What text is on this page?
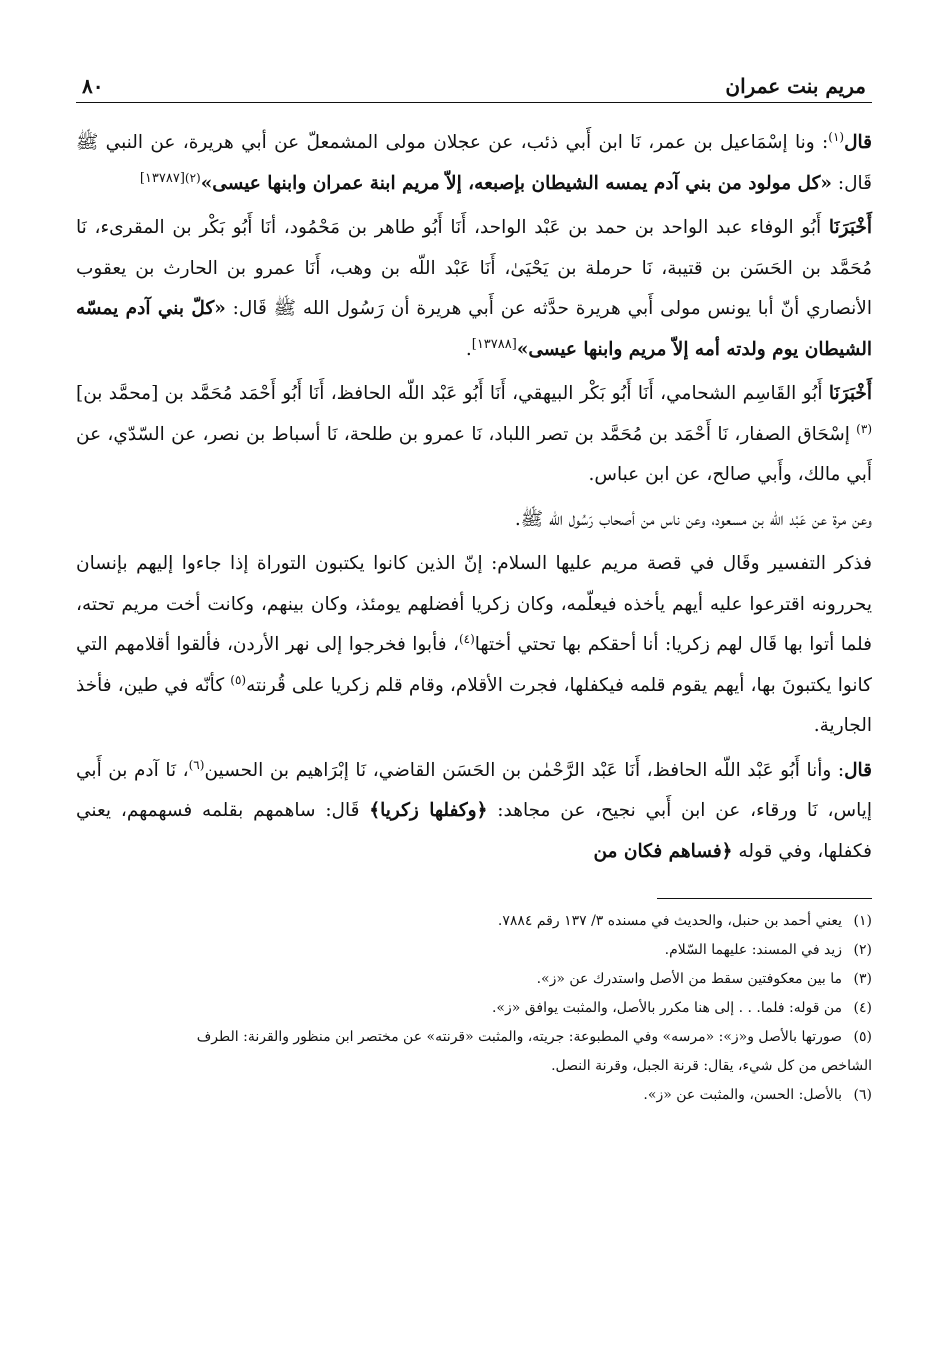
مريم بنت عمران
٨٠

قال$^{(١)}$: ونا إسْمَاعيل بن عمر، نَا ابن أَبي ذئب، عن عجلان مولى المشمعلّ عن أبي هريرة، عن النبي ﷺ قَال: «كل مولود من بني آدم يمسه الشيطان بإصبعه، إلاّ مريم ابنة عمران وابنها عيسى»$^{(٢)[١٣٧٨٧]}$

أَخْبَرَنَا أَبُو الوفاء عبد الواحد بن حمد بن عَبْد الواحد، أَنَا أَبُو طاهر بن مَحْمُود، أنَا أَبُو بَكْر بن المقرىء، نَا مُحَمَّد بن الحَسَن بن قتيبة، نَا حرملة بن يَحْيَىٰ، أَنَا عَبْد اللّه بن وهب، أَنَا عمرو بن الحارث بن يعقوب الأنصاري أنّ أبا يونس مولى أَبي هريرة حدَّثه عن أَبي هريرة أن رَسُول الله ﷺ قَال: «كلّ بني آدم يمسّه الشيطان يوم ولدته أمه إلاّ مريم وابنها عيسى»[١٣٧٨٨].

أَخْبَرَنَا أَبُو القَاسِم الشحامي، أَنَا أَبُو بَكْر البيهقي، أَنَا أَبُو عَبْد اللّه الحافظ، أَنَا أَبُو أَحْمَد مُحَمَّد بن [محمَّد بن]$^{(٣)}$ إسْحَاق الصفار، نَا أَحْمَد بن مُحَمَّد بن تصر اللباد، نَا عمرو بن طلحة، نَا أسباط بن نصر، عن السّدّي، عن أَبي مالك، وأَبي صالح، عن ابن عباس.

وعن مرة عن عَبْد اللّه بن مسعود، وعن ناس من أصحاب رَسُول الله ﷺ.

فذكر التفسير وقَال في قصة مريم عليها السلام: إنّ الذين كانوا يكتبون التوراة إذا جاءوا إليهم بإنسان يحررونه اقترعوا عليه أيهم يأخذه فيعلّمه، وكان زكريا أفضلهم يومئذ، وكان بينهم، وكانت أخت مريم تحته، فلما أتوا بها قَال لهم زكريا: أنا أحقكم بها تحتي أختها$^{(٤)}$، فأبوا فخرجوا إلى نهر الأردن، فألقوا أقلامهم التي كانوا يكتبونَ بها، أيهم يقوم قلمه فيكفلها، فجرت الأقلام، وقام قلم زكريا على قُرنته$^{(٥)}$ كأنّه في طين، فأخذ الجارية.

قال: وأنا أَبُو عَبْد اللّه الحافظ، أَنَا عَبْد الرَّحْمٰن بن الحَسَن القاضي، نَا إبْرَاهيم بن الحسين$^{(٦)}$، نَا آدم بن أَبي إياس، نَا ورقاء، عن ابن أَبي نجيح، عن مجاهد: ﴿وكفلها زكريا﴾ قَال: ساهمهم بقلمه فسهمهم، يعني فكفلها، وفي قوله ﴿فساهم فكان من

(١)يعني أحمد بن حنبل، والحديث في مسنده ٣/ ١٣٧ رقم ٧٨٨٤.

(٢)زيد في المسند: عليهما السّلام.

(٣)ما بين معكوفتين سقط من الأصل واستدرك عن «ز».

(٤)من قوله: فلما. . . إلى هنا مكرر بالأصل، والمثبت يوافق «ز».

(٥)صورتها بالأصل و«ز»: «مرسه» وفي المطبوعة: جريته، والمثبت «قرنته» عن مختصر ابن منظور والقرنة: الطرف

الشاخص من كل شيء، يقال: قرنة الجبل، وقرنة النصل.

(٦)بالأصل: الحسن، والمثبت عن «ز».
